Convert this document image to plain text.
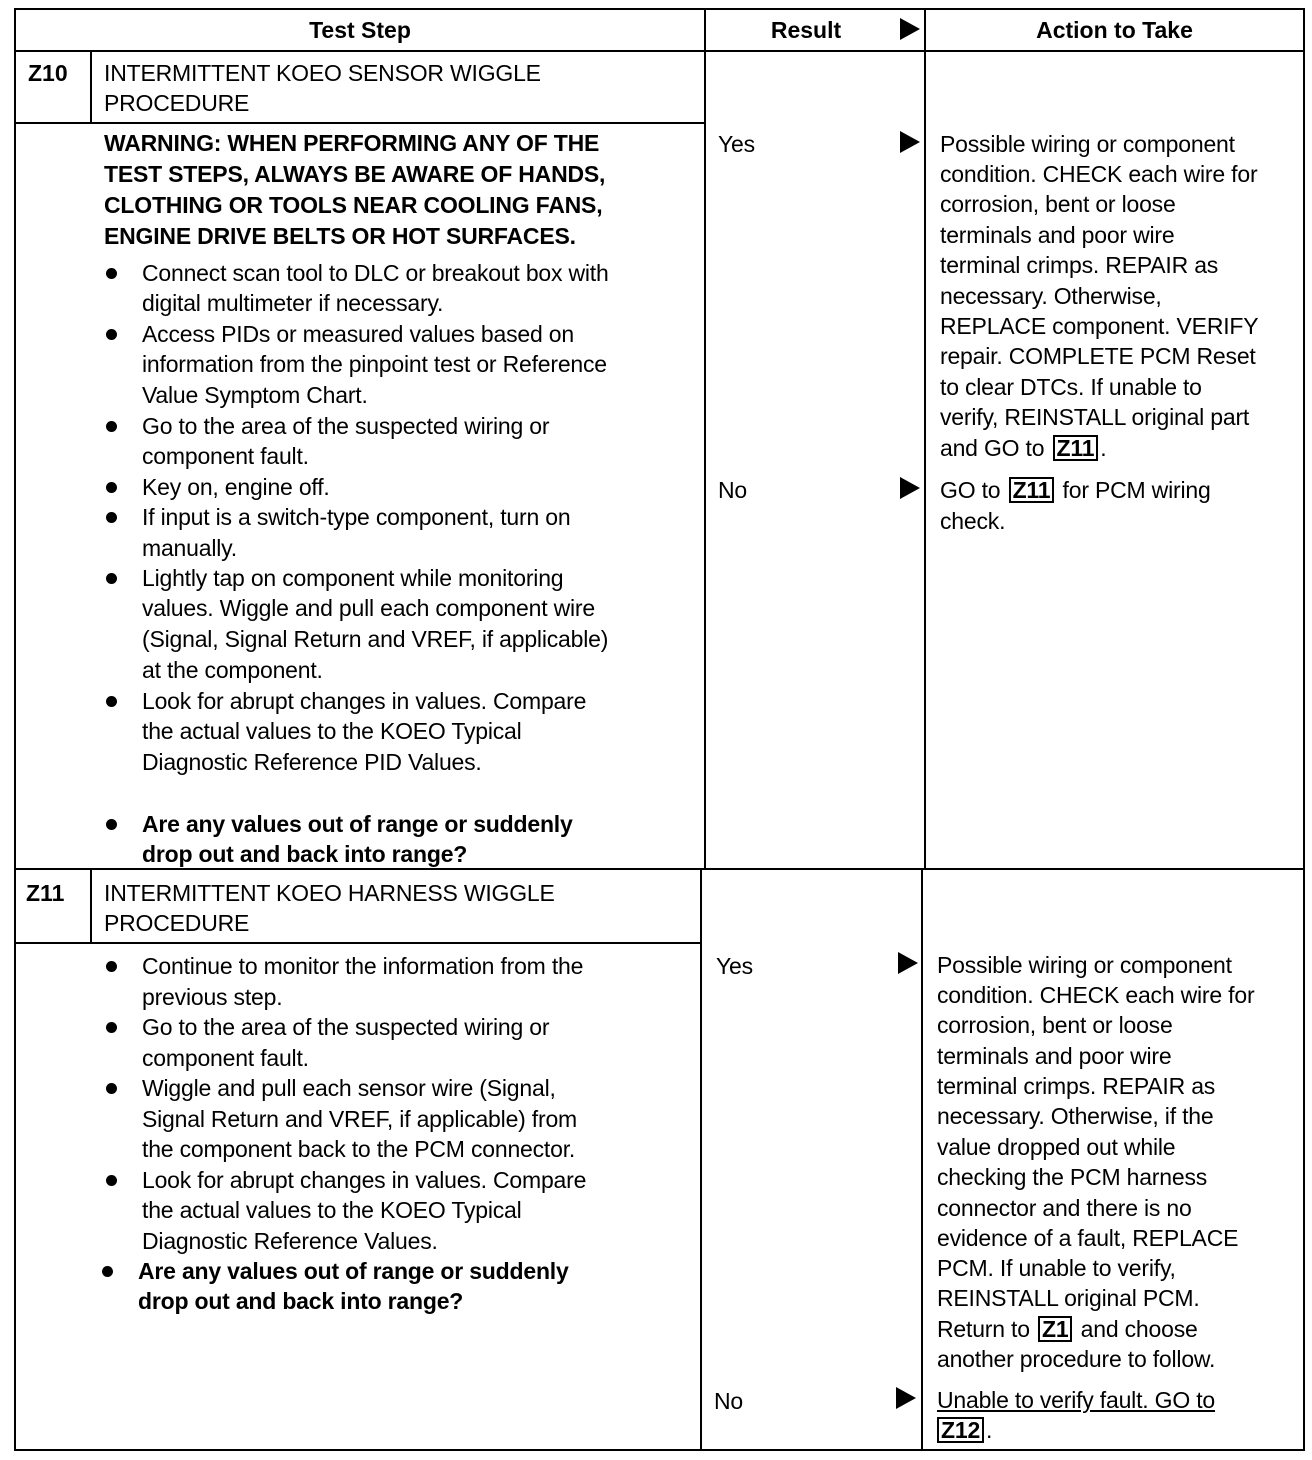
Test Step	Result	Action to Take
Z10 INTERMITTENT KOEO SENSOR WIGGLE
PROCEDURE
WARNING: WHEN PERFORMING ANY OF THE
TEST STEPS, ALWAYS BE AWARE OF HANDS,
CLOTHING OR TOOLS NEAR COOLING FANS,
ENGINE DRIVE BELTS OR HOT SURFACES.
Connect scan tool to DLC or breakout box with
digital multimeter if necessary.
Access PIDs or measured values based on
information from the pinpoint test or Reference
Value Symptom Chart.
Go to the area of the suspected wiring or
component fault.
Key on, engine off.
If input is a switch-type component, turn on
manually.
Lightly tap on component while monitoring
values. Wiggle and pull each component wire
(Signal, Signal Return and VREF, if applicable)
at the component.
Look for abrupt changes in values. Compare
the actual values to the KOEO Typical
Diagnostic Reference PID Values.
Are any values out of range or suddenly
drop out and back into range?
Yes	Possible wiring or component
condition. CHECK each wire for
corrosion, bent or loose
terminals and poor wire
terminal crimps. REPAIR as
necessary. Otherwise,
REPLACE component. VERIFY
repair. COMPLETE PCM Reset
to clear DTCs. If unable to
verify, REINSTALL original part
and GO to Z11 .
No	GO to Z11 for PCM wiring
check.
Z11 INTERMITTENT KOEO HARNESS WIGGLE
PROCEDURE
Continue to monitor the information from the
previous step.
Go to the area of the suspected wiring or
component fault.
Wiggle and pull each sensor wire (Signal,
Signal Return and VREF, if applicable) from
the component back to the PCM connector.
Look for abrupt changes in values. Compare
the actual values to the KOEO Typical
Diagnostic Reference Values.
Are any values out of range or suddenly
drop out and back into range?
Yes	Possible wiring or component
condition. CHECK each wire for
corrosion, bent or loose
terminals and poor wire
terminal crimps. REPAIR as
necessary. Otherwise, if the
value dropped out while
checking the PCM harness
connector and there is no
evidence of a fault, REPLACE
PCM. If unable to verify,
REINSTALL original PCM.
Return to Z1 and choose
another procedure to follow.
No	Unable to verify fault. GO to
Z12 .
